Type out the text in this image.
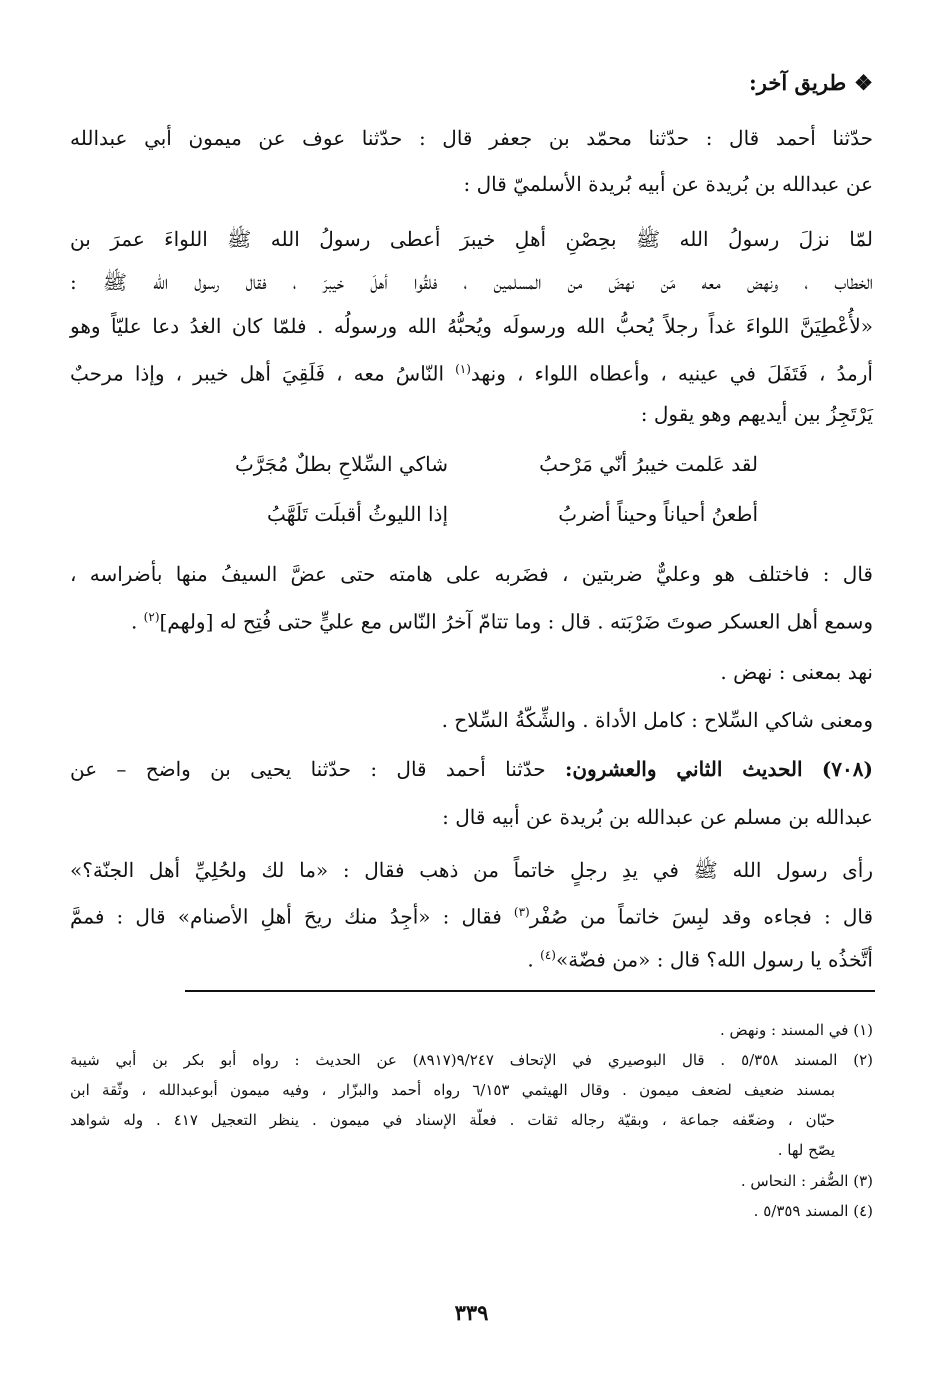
❖طريق آخر:
حدّثنا أحمد قال : حدّثنا محمّد بن جعفر قال : حدّثنا عوف عن ميمون أبي عبدالله
عن عبدالله بن بُريدة عن أبيه بُريدة الأسلميّ قال :
لمّا نزلَ رسولُ الله ﷺ بحِصْنِ أهلِ خيبرَ أعطى رسولُ الله ﷺ اللواءَ عمرَ بن
الخطاب ، ونهض معه مَن نهضَ من المسلمين ، فلقُوا أهلَ خيبرَ ، فقال رسول الله ﷺ :
«لأُعْطِيَنَّ اللواءَ غداً رجلاً يُحبُّ الله ورسولَه ويُحبُّهُ الله ورسولُه . فلمّا كان الغدُ دعا عليّاً وهو
أرمدُ ، فَتَفَلَ في عينيه ، وأعطاه اللواء ، ونهد$^{(١)}$ النّاسُ معه ، فَلَقِيَ أهل خيبر ، وإذا مرحبٌ
يَرْتَجِزُ بين أيديهم وهو يقول :
لقد عَلمت خيبرُ أنّي مَرْحبُ
شاكي السِّلاحِ بطلٌ مُجَرَّبُ
أطعنُ أحياناً وحيناً أضربُ
إذا الليوثُ أقبلَت تَلَهَّبُ
قال : فاختلف هو وعليٌّ ضربتين ، فضَربه على هامته حتى عضَّ السيفُ منها بأضراسه ،
وسمع أهل العسكر صوتَ ضَرْبَته . قال : وما تتامّ آخرُ النّاس مع عليٍّ حتى فُتِح له [ولهم]$^{(٢)}$ .
نهد بمعنى : نهض .
ومعنى شاكي السِّلاح : كامل الأداة . والشِّكّةُ السِّلاح .
(٧٠٨) الحديث الثاني والعشرون: حدّثنا أحمد قال : حدّثنا يحيى بن واضح – عن
عبدالله بن مسلم عن عبدالله بن بُريدة عن أبيه قال :
رأى رسول الله ﷺ في يدِ رجلٍ خاتماً من ذهب فقال : «ما لك ولحُلِيِّ أهل الجنّة؟»
قال : فجاءه وقد لبِسَ خاتماً من صُفْر$^{(٣)}$ فقال : «أجِدُ منك ريحَ أهلِ الأصنام» قال : فممَّ
أتَّخذُه يا رسول الله؟ قال : «من فضّة»$^{(٤)}$ .
(١) في المسند : ونهض .
(٢) المسند ٥/٣٥٨ . قال البوصيري في الإتحاف ٩/٢٤٧(٨٩١٧) عن الحديث : رواه أبو بكر بن أبي شيبة
بمسند ضعيف لضعف ميمون . وقال الهيثمي ٦/١٥٣ رواه أحمد والبزّار ، وفيه ميمون أبوعبدالله ، وثّقة ابن
حبّان ، وضعّفه جماعة ، وبقيّة رجاله ثقات . فعلّة الإسناد في ميمون . ينظر التعجيل ٤١٧ . وله شواهد
يصّح لها .
(٣) الصُّفر : النحاس .
(٤) المسند ٥/٣٥٩ .
٣٣٩
